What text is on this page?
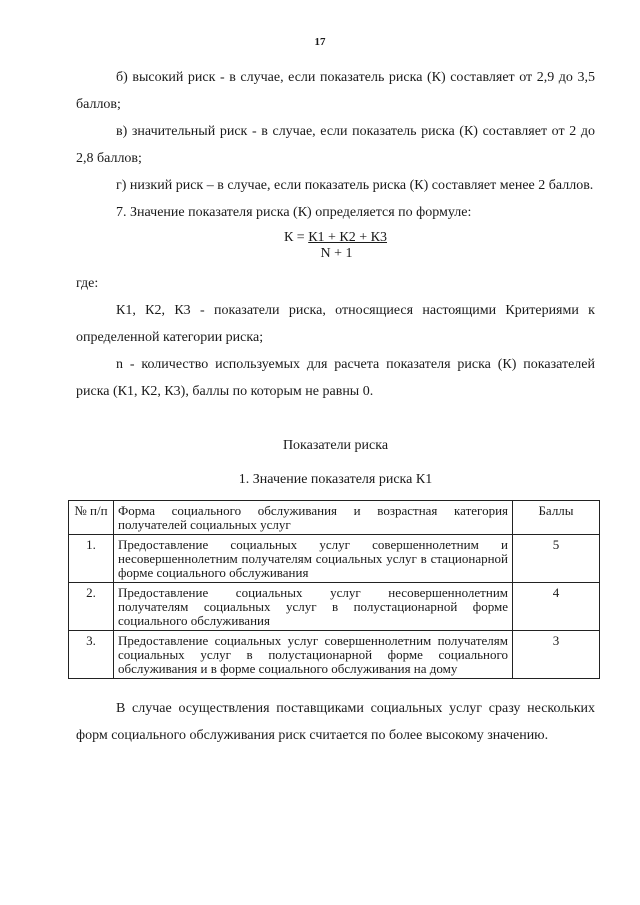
17

б) высокий риск - в случае, если показатель риска (К) составляет от 2,9 до 3,5 баллов;

в) значительный риск - в случае, если показатель риска (К) составляет от 2 до 2,8 баллов;

г) низкий риск – в случае, если показатель риска (К) составляет менее 2 баллов.

7. Значение показателя риска (К) определяется по формуле:

К = К1 + К2 + К3
N + 1

где:

К1, К2, К3 - показатели риска, относящиеся настоящими Критериями к определенной категории риска;

n - количество используемых для расчета показателя риска (К) показателей риска (К1, К2, К3), баллы по которым не равны 0.

Показатели риска
1. Значение показателя риска К1
№ п/п	Форма социального обслуживания и возрастная категория получателей социальных услуг	Баллы
1.	Предоставление социальных услуг совершеннолетним и несовершеннолетним получателям социальных услуг в стационарной форме социального обслуживания	5
2.	Предоставление социальных услуг несовершеннолетним получателям социальных услуг в полустационарной форме социального обслуживания	4
3.	Предоставление социальных услуг совершеннолетним получателям социальных услуг в полустационарной форме социального обслуживания и в форме социального обслуживания на дому	3

В случае осуществления поставщиками социальных услуг сразу нескольких форм социального обслуживания риск считается по более высокому значению.
